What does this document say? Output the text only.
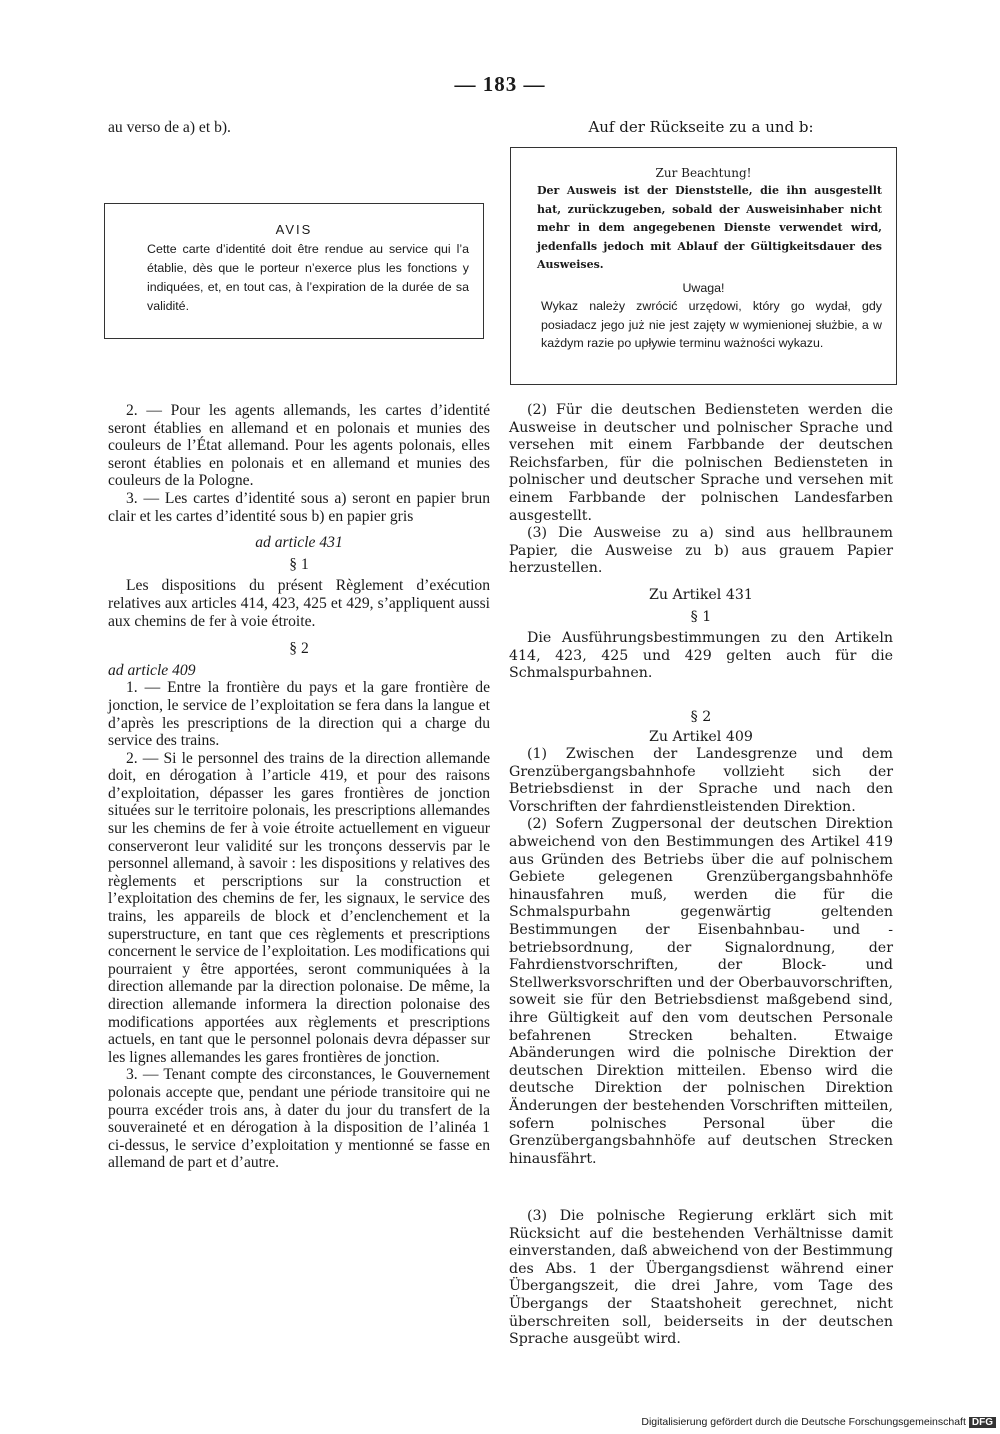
— 183 —
au verso de a) et b).

AVIS

Cette carte d’identité doit être rendue au service qui l’a établie, dès que le porteur n’exerce plus les fonctions y indiquées, et, en tout cas, à l’expiration de la durée de sa validité.

2. — Pour les agents allemands, les cartes d’identité seront établies en allemand et en polonais et munies des couleurs de l’État allemand. Pour les agents polonais, elles seront établies en polonais et en allemand et munies des couleurs de la Pologne.

3. — Les cartes d’identité sous a) seront en papier brun clair et les cartes d’identité sous b) en papier gris

ad article 431

§ 1

Les dispositions du présent Règlement d’exécution relatives aux articles 414, 423, 425 et 429, s’appliquent aussi aux chemins de fer à voie étroite.

§ 2

ad article 409

1. — Entre la frontière du pays et la gare frontière de jonction, le service de l’exploitation se fera dans la langue et d’après les prescriptions de la direction qui a charge du service des trains.

2. — Si le personnel des trains de la direction allemande doit, en dérogation à l’article 419, et pour des raisons d’exploitation, dépasser les gares frontières de jonction situées sur le territoire polonais, les prescriptions allemandes sur les chemins de fer à voie étroite actuellement en vigueur conserveront leur validité sur les tronçons desservis par le personnel allemand, à savoir : les dispositions y relatives des règlements et perscriptions sur la construction et l’exploitation des chemins de fer, les signaux, le service des trains, les appareils de block et d’enclenchement et la superstructure, en tant que ces règlements et prescriptions concernent le service de l’exploitation. Les modifications qui pourraient y être apportées, seront communiquées à la direction allemande par la direction polonaise. De même, la direction allemande informera la direction polonaise des modifications apportées aux règlements et prescriptions actuels, en tant que le personnel polonais devra dépasser sur les lignes allemandes les gares frontières de jonction.

3. — Tenant compte des circonstances, le Gouvernement polonais accepte que, pendant une période transitoire qui ne pourra excéder trois ans, à dater du jour du transfert de la souveraineté et en dérogation à la disposition de l’alinéa 1 ci-dessus, le service d’exploitation y mentionné se fasse en allemand de part et d’autre.

Auf der Rückseite zu a und b:

Zur Beachtung!

Der Ausweis ist der Dienststelle, die ihn ausgestellt hat, zurückzugeben, sobald der Ausweisinhaber nicht mehr in dem angegebenen Dienste verwendet wird, jedenfalls jedoch mit Ablauf der Gültigkeitsdauer des Ausweises.

Uwaga!

Wykaz należy zwrócić urzędowi, który go wydał, gdy posiadacz jego już nie jest zajęty w wymienionej służbie, a w każdym razie po upływie terminu ważności wykazu.

(2) Für die deutschen Bediensteten werden die Ausweise in deutscher und polnischer Sprache und versehen mit einem Farbbande der deutschen Reichsfarben, für die polnischen Bediensteten in polnischer und deutscher Sprache und versehen mit einem Farbbande der polnischen Landesfarben ausgestellt.

(3) Die Ausweise zu a) sind aus hellbraunem Papier, die Ausweise zu b) aus grauem Papier herzustellen.

Zu Artikel 431

§ 1

Die Ausführungsbestimmungen zu den Artikeln 414, 423, 425 und 429 gelten auch für die Schmalspurbahnen.

§ 2

Zu Artikel 409

(1) Zwischen der Landesgrenze und dem Grenzübergangsbahnhofe vollzieht sich der Betriebsdienst in der Sprache und nach den Vorschriften der fahrdienstleistenden Direktion.

(2) Sofern Zugpersonal der deutschen Direktion abweichend von den Bestimmungen des Artikel 419 aus Gründen des Betriebs über die auf polnischem Gebiete gelegenen Grenzübergangsbahnhöfe hinausfahren muß, werden die für die Schmalspurbahn gegenwärtig geltenden Bestimmungen der Eisenbahnbau- und -betriebsordnung, der Signalordnung, der Fahrdienstvorschriften, der Block- und Stellwerksvorschriften und der Oberbauvorschriften, soweit sie für den Betriebsdienst maßgebend sind, ihre Gültigkeit auf den vom deutschen Personale befahrenen Strecken behalten. Etwaige Abänderungen wird die polnische Direktion der deutschen Direktion mitteilen. Ebenso wird die deutsche Direktion der polnischen Direktion Änderungen der bestehenden Vorschriften mitteilen, sofern polnisches Personal über die Grenzübergangsbahnhöfe auf deutschen Strecken hinausfährt.

(3) Die polnische Regierung erklärt sich mit Rücksicht auf die bestehenden Verhältnisse damit einverstanden, daß abweichend von der Bestimmung des Abs. 1 der Übergangsdienst während einer Übergangszeit, die drei Jahre, vom Tage des Übergangs der Staatshoheit gerechnet, nicht überschreiten soll, beiderseits in der deutschen Sprache ausgeübt wird.

Digitalisierung gefördert durch die Deutsche Forschungsgemeinschaft DFG
